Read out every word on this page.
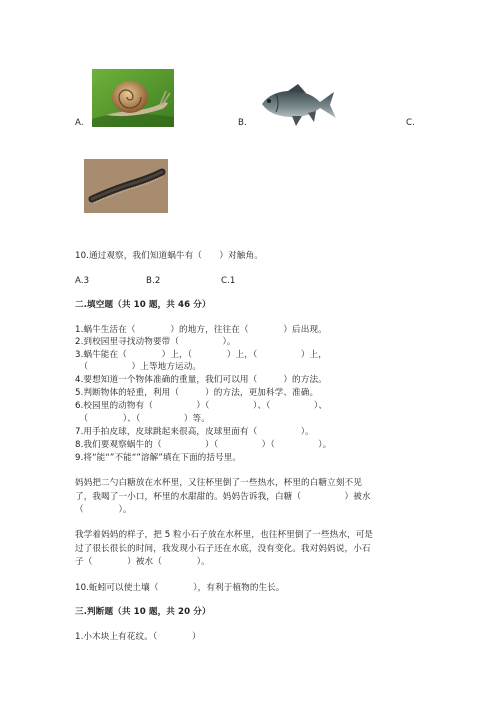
A.	B.	C.
10.通过观察，我们知道蜗牛有（　　）对触角。
A.3	B.2	C.1
二.填空题（共 10 题，共 46 分）
1.蜗牛生活在（　　　　）的地方，往往在（　　　　）后出现。
2.到校园里寻找动物要带（　　　　　）。
3.蜗牛能在（　　　　）上，（　　　　）上，（　　　　　）上，
　（　　　　　）上等地方运动。
4.要想知道一个物体准确的重量，我们可以用（　　　）的方法。
5.判断物体的轻重，利用（　　　）的方法，更加科学、准确。
6.校园里的动物有（　　　　　）（　　　　　）、（　　　　　）、
　（　　　　）、（　　　　　）等。
7.用手拍皮球，皮球跳起来很高，皮球里面有（　　　　　）。
8.我们要观察蜗牛的（　　　　　）（　　　　　）（　　　　　）。
9.将“能“”不能“”溶解”填在下面的括号里。
妈妈把二勺白糖放在水杯里，又往杯里倒了一些热水，杯里的白糖立刻不见
了，我喝了一小口，杯里的水甜甜的。妈妈告诉我，白糖（　　　　　）被水
（　　　　）。
我学着妈妈的样子，把 5 粒小石子放在水杯里，也往杯里倒了一些热水，可是
过了很长很长的时间，我发现小石子还在水底，没有变化。我对妈妈说，小石
子（　　　　）被水（　　　　）。
10.蚯蚓可以使土壤（　　　　），有利于植物的生长。
三.判断题（共 10 题，共 20 分）
1.小木块上有花纹。（　　　　）
